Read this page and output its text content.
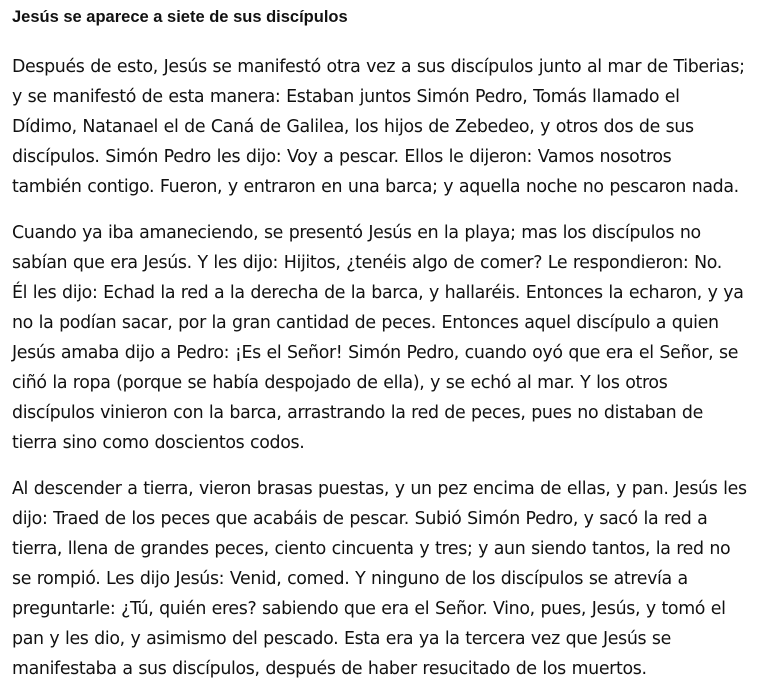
Jesús se aparece a siete de sus discípulos

Después de esto, Jesús se manifestó otra vez a sus discípulos junto al mar de Tiberias;
y se manifestó de esta manera: Estaban juntos Simón Pedro, Tomás llamado el
Dídimo, Natanael el de Caná de Galilea, los hijos de Zebedeo, y otros dos de sus
discípulos. Simón Pedro les dijo: Voy a pescar. Ellos le dijeron: Vamos nosotros
también contigo. Fueron, y entraron en una barca; y aquella noche no pescaron nada.

Cuando ya iba amaneciendo, se presentó Jesús en la playa; mas los discípulos no
sabían que era Jesús. Y les dijo: Hijitos, ¿tenéis algo de comer? Le respondieron: No.
Él les dijo: Echad la red a la derecha de la barca, y hallaréis. Entonces la echaron, y ya
no la podían sacar, por la gran cantidad de peces. Entonces aquel discípulo a quien
Jesús amaba dijo a Pedro: ¡Es el Señor! Simón Pedro, cuando oyó que era el Señor, se
ciñó la ropa (porque se había despojado de ella), y se echó al mar. Y los otros
discípulos vinieron con la barca, arrastrando la red de peces, pues no distaban de
tierra sino como doscientos codos.

Al descender a tierra, vieron brasas puestas, y un pez encima de ellas, y pan. Jesús les
dijo: Traed de los peces que acabáis de pescar. Subió Simón Pedro, y sacó la red a
tierra, llena de grandes peces, ciento cincuenta y tres; y aun siendo tantos, la red no
se rompió. Les dijo Jesús: Venid, comed. Y ninguno de los discípulos se atrevía a
preguntarle: ¿Tú, quién eres? sabiendo que era el Señor. Vino, pues, Jesús, y tomó el
pan y les dio, y asimismo del pescado. Esta era ya la tercera vez que Jesús se
manifestaba a sus discípulos, después de haber resucitado de los muertos.
